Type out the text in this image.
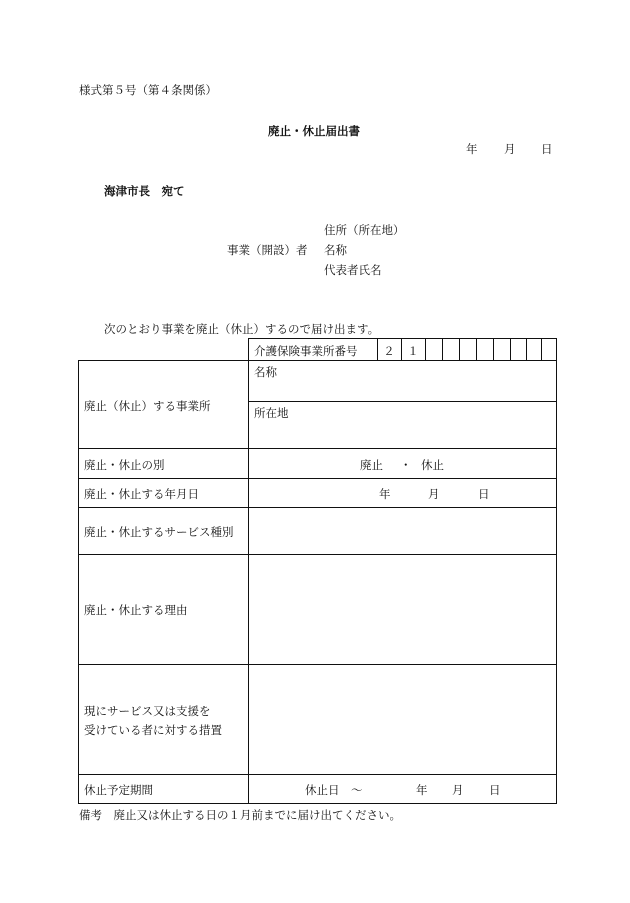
様式第５号（第４条関係）
廃止・休止届出書
年 月 日
海津市長　宛て
住所（所在地）
事業（開設）者 名称
代表者氏名
次のとおり事業を廃止（休止）するので届け出ます。
介護保険事業所番号	２	１
廃止（休止）する事業所
名称
所在地
廃止・休止の別	廃止 ・ 休止
廃止・休止する年月日	年	月	日
廃止・休止するサービス種別
廃止・休止する理由
現にサービス又は支援を
受けている者に対する措置
休止予定期間	休止日　～	年 月 日
備考　廃止又は休止する日の１月前までに届け出てください。
